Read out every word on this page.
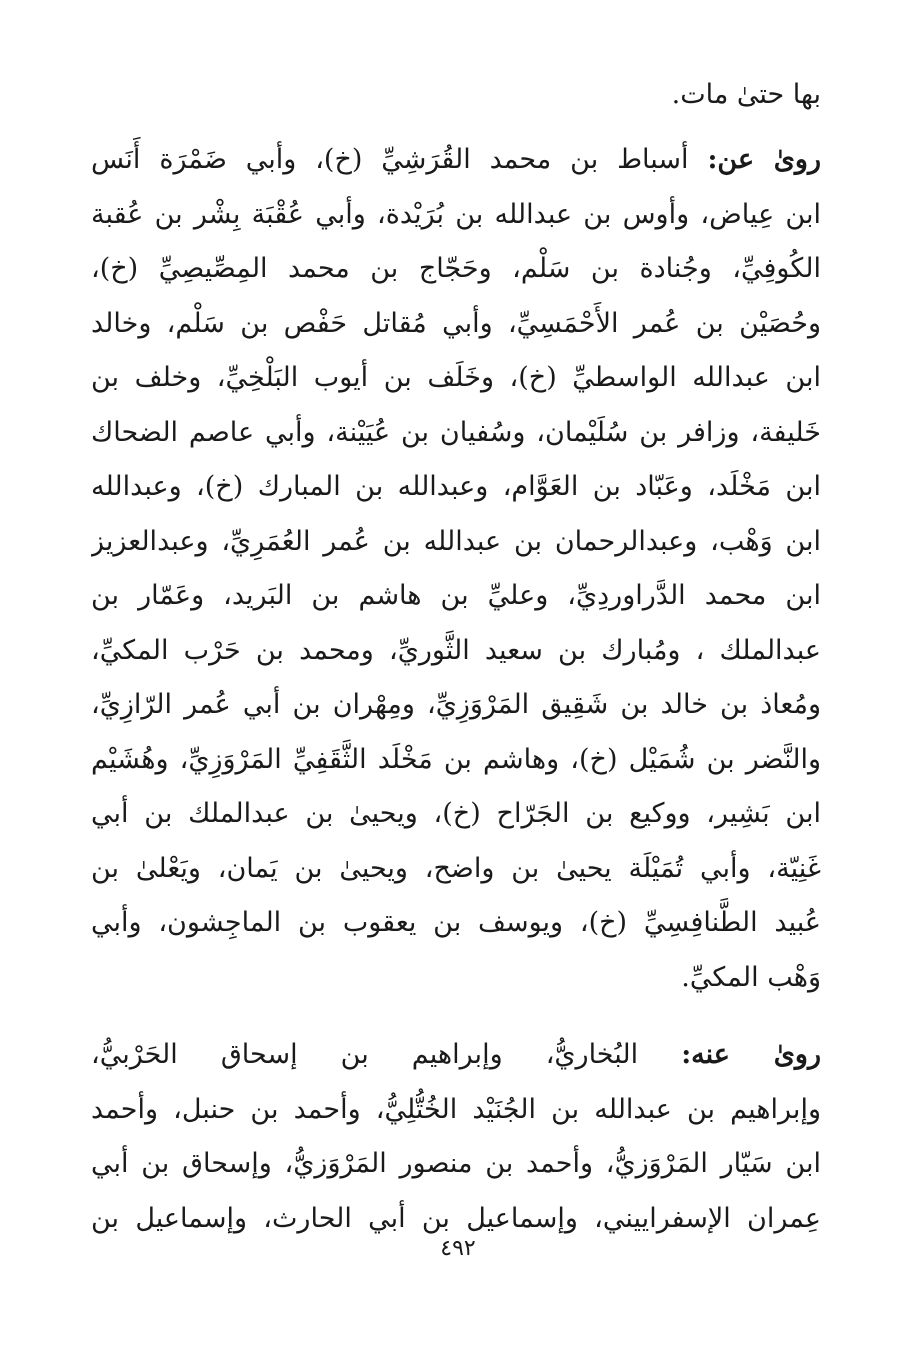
بها حتىٰ مات.
روىٰ عن: أسباط بن محمد القُرَشِيِّ (خ)، وأبي ضَمْرَة أَنَس
ابن عِياض، وأوس بن عبدالله بن بُرَيْدة، وأبي عُقْبَة بِشْر بن عُقبة
الكُوفِيِّ، وجُنادة بن سَلْم، وحَجّاج بن محمد المِصِّيصِيِّ (خ)،
وحُصَيْن بن عُمر الأَحْمَسِيِّ، وأبي مُقاتل حَفْص بن سَلْم، وخالد
ابن عبدالله الواسطيِّ (خ)، وخَلَف بن أيوب البَلْخِيِّ، وخلف بن
خَليفة، وزافر بن سُلَيْمان، وسُفيان بن عُيَيْنة، وأبي عاصم الضحاك
ابن مَخْلَد، وعَبّاد بن العَوَّام، وعبدالله بن المبارك (خ)، وعبدالله
ابن وَهْب، وعبدالرحمان بن عبدالله بن عُمر العُمَرِيِّ، وعبدالعزيز
ابن محمد الدَّراوردِيِّ، وعليِّ بن هاشم بن البَريد، وعَمّار بن
عبدالملك ، ومُبارك بن سعيد الثَّوريِّ، ومحمد بن حَرْب المكيِّ،
ومُعاذ بن خالد بن شَقِيق المَرْوَزِيِّ، ومِهْران بن أبي عُمر الرّازِيِّ،
والنَّضر بن شُمَيْل (خ)، وهاشم بن مَخْلَد الثَّقَفِيِّ المَرْوَزِيِّ، وهُشَيْم
ابن بَشِير، ووكيع بن الجَرّاح (خ)، ويحيىٰ بن عبدالملك بن أبي
غَنِيّة، وأبي تُمَيْلَة يحيىٰ بن واضح، ويحيىٰ بن يَمان، ويَعْلىٰ بن
عُبيد الطَّنافِسِيِّ (خ)، ويوسف بن يعقوب بن الماجِشون، وأبي
وَهْب المكيِّ.
روىٰ عنه: البُخاريُّ، وإبراهيم بن إسحاق الحَرْبيُّ،
وإبراهيم بن عبدالله بن الجُنَيْد الخُتُّلِيُّ، وأحمد بن حنبل، وأحمد
ابن سَيّار المَرْوَزيُّ، وأحمد بن منصور المَرْوَزيُّ، وإسحاق بن أبي
عِمران الإسفراييني، وإسماعيل بن أبي الحارث، وإسماعيل بن
٤٩٢
